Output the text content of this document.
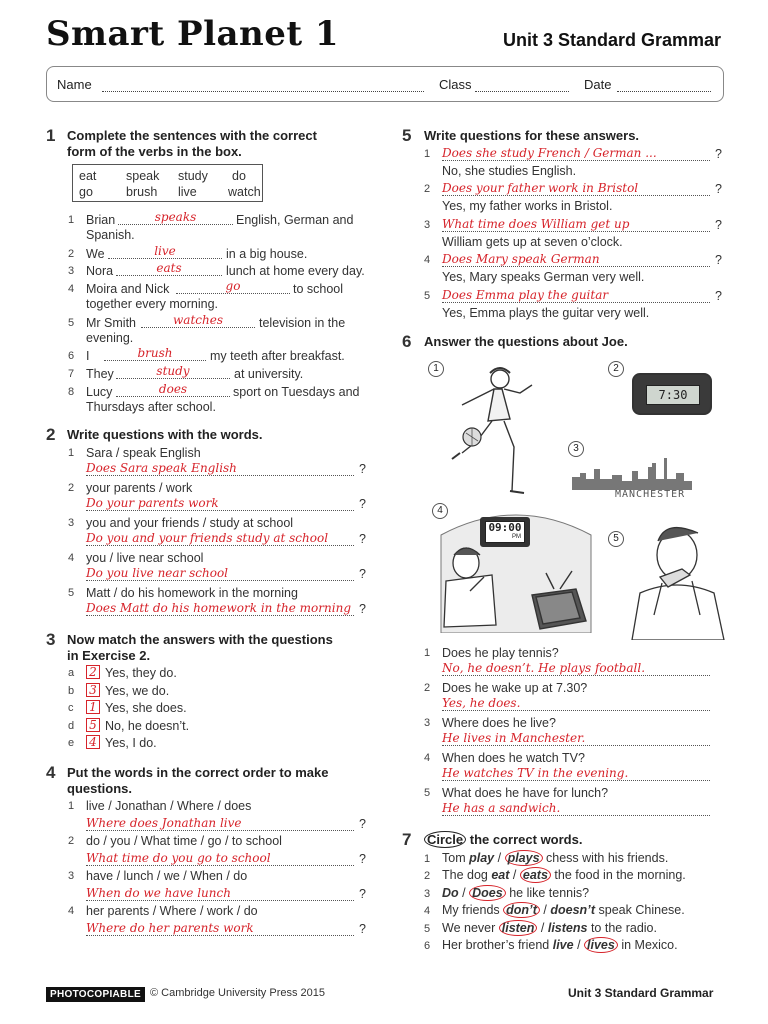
Smart Planet 1	Unit 3 Standard Grammar
Name	Class	Date
1 Complete the sentences with the correct
form of the verbs in the box.
eat speak study do
go	brush live watch
1 Brian	speaks	English, German and
Spanish.
2 We	live	in a big house.
3 Nora	eats	lunch at home every day.
4 Moira and Nick	go	to school
together every morning.
5 Mr Smith	watches	television in the
evening.
6 I	brush	my teeth after breakfast.
7 They	study	at university.
8 Lucy	does	sport on Tuesdays and
Thursdays after school.
2 Write questions with the words.
1 Sara / speak English
Does Sara speak English	?
2 your parents / work
Do your parents work	?
3 you and your friends / study at school
Do you and your friends study at school	?
4 you / live near school
Do you live near school	?
5 Matt / do his homework in the morning
Does Matt do his homework in the morning ?
3 Now match the answers with the questions
in Exercise 2.
a 2 Yes, they do.
b 3 Yes, we do.
c 1 Yes, she does.
d 5 No, he doesn’t.
e 4 Yes, I do.
4 Put the words in the correct order to make
questions.
1 live / Jonathan / Where / does
Where does Jonathan live	?
2 do / you / What time / go / to school
What time do you go to school	?
3 have / lunch / we / When / do
When do we have lunch	?
4 her parents / Where / work / do
Where do her parents work	?
5 Write questions for these answers.
1 Does she study French / German ...	?
No, she studies English.
2 Does your father work in Bristol	?
Yes, my father works in Bristol.
3 What time does William get up	?
William gets up at seven o’clock.
4 Does Mary speak German	?
Yes, Mary speaks German very well.
5 Does Emma play the guitar	?
Yes, Emma plays the guitar very well.
6 Answer the questions about Joe.
1	2
7:30
3
MANCHESTER
4
09:00
PM	5
1 Does he play tennis?
No, he doesn’t. He plays football.
2 Does he wake up at 7.30?
Yes, he does.
3 Where does he live?
He lives in Manchester.
4 When does he watch TV?
He watches TV in the evening.
5 What does he have for lunch?
He has a sandwich.
7 Circle the correct words.
1 Tom play / plays chess with his friends.
2 The dog eat / eats the food in the morning.
3 Do / Does he like tennis?
4 My friends don’t / doesn’t speak Chinese.
5 We never listen / listens to the radio.
6 Her brother’s friend live / lives in Mexico.
PHOTOCOPIABLE © Cambridge University Press 2015	Unit 3 Standard Grammar
